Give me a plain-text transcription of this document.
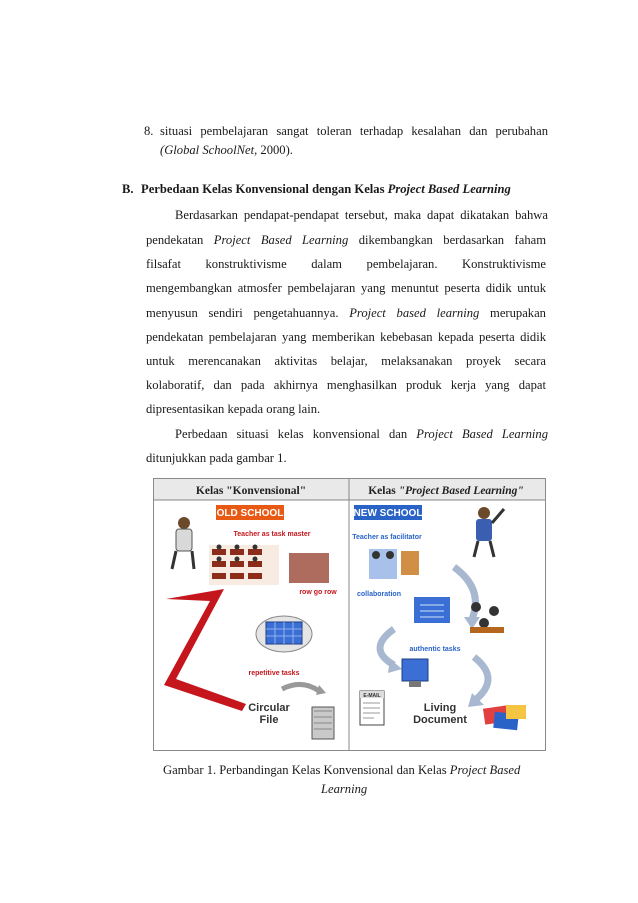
8. situasi pembelajaran sangat toleran terhadap kesalahan dan perubahan
(Global SchoolNet, 2000).
B. Perbedaan Kelas Konvensional dengan Kelas Project Based Learning
Berdasarkan pendapat-pendapat tersebut, maka dapat dikatakan bahwa
pendekatan Project Based Learning dikembangkan berdasarkan faham
filsafat konstruktivisme dalam pembelajaran. Konstruktivisme
mengembangkan atmosfer pembelajaran yang menuntut peserta didik untuk
menyusun sendiri pengetahuannya. Project based learning merupakan
pendekatan pembelajaran yang memberikan kebebasan kepada peserta didik
untuk merencanakan aktivitas belajar, melaksanakan proyek secara
kolaboratif, dan pada akhirnya menghasilkan produk kerja yang dapat
dipresentasikan kepada orang lain.
Perbedaan situasi kelas konvensional dan Project Based Learning
ditunjukkan pada gambar 1.
Kelas "Konvensional"	Kelas "Project Based Learning"
OLD SCHOOL	NEW SCHOOL
Teacher as task master
row go row
repetitive tasks
Circular File
Teacher as facilitator
collaboration
authentic tasks
E-MAIL
Living Document
Gambar 1. Perbandingan Kelas Konvensional dan Kelas Project Based
Learning
